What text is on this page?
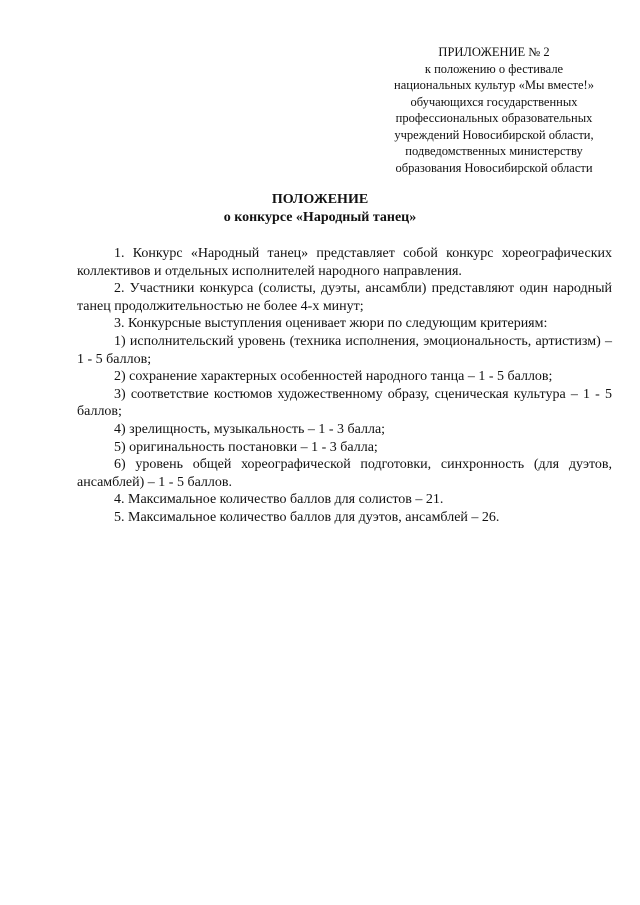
ПРИЛОЖЕНИЕ № 2
к положению о фестивале
национальных культур «Мы вместе!»
обучающихся государственных
профессиональных образовательных
учреждений Новосибирской области,
подведомственных министерству
образования Новосибирской области
ПОЛОЖЕНИЕ
о конкурсе «Народный танец»

1. Конкурс «Народный танец» представляет собой конкурс хореографических коллективов и отдельных исполнителей народного направления.

2. Участники конкурса (солисты, дуэты, ансамбли) представляют один народный танец продолжительностью не более 4-х минут;

3. Конкурсные выступления оценивает жюри по следующим критериям:

1) исполнительский уровень (техника исполнения, эмоциональность, артистизм) – 1 - 5 баллов;

2) сохранение характерных особенностей народного танца – 1 - 5 баллов;

3) соответствие костюмов художественному образу, сценическая культура – 1 - 5 баллов;

4) зрелищность, музыкальность – 1 - 3 балла;

5) оригинальность постановки – 1 - 3 балла;

6) уровень общей хореографической подготовки, синхронность (для дуэтов, ансамблей) – 1 - 5 баллов.

4. Максимальное количество баллов для солистов – 21.

5. Максимальное количество баллов для дуэтов, ансамблей – 26.
